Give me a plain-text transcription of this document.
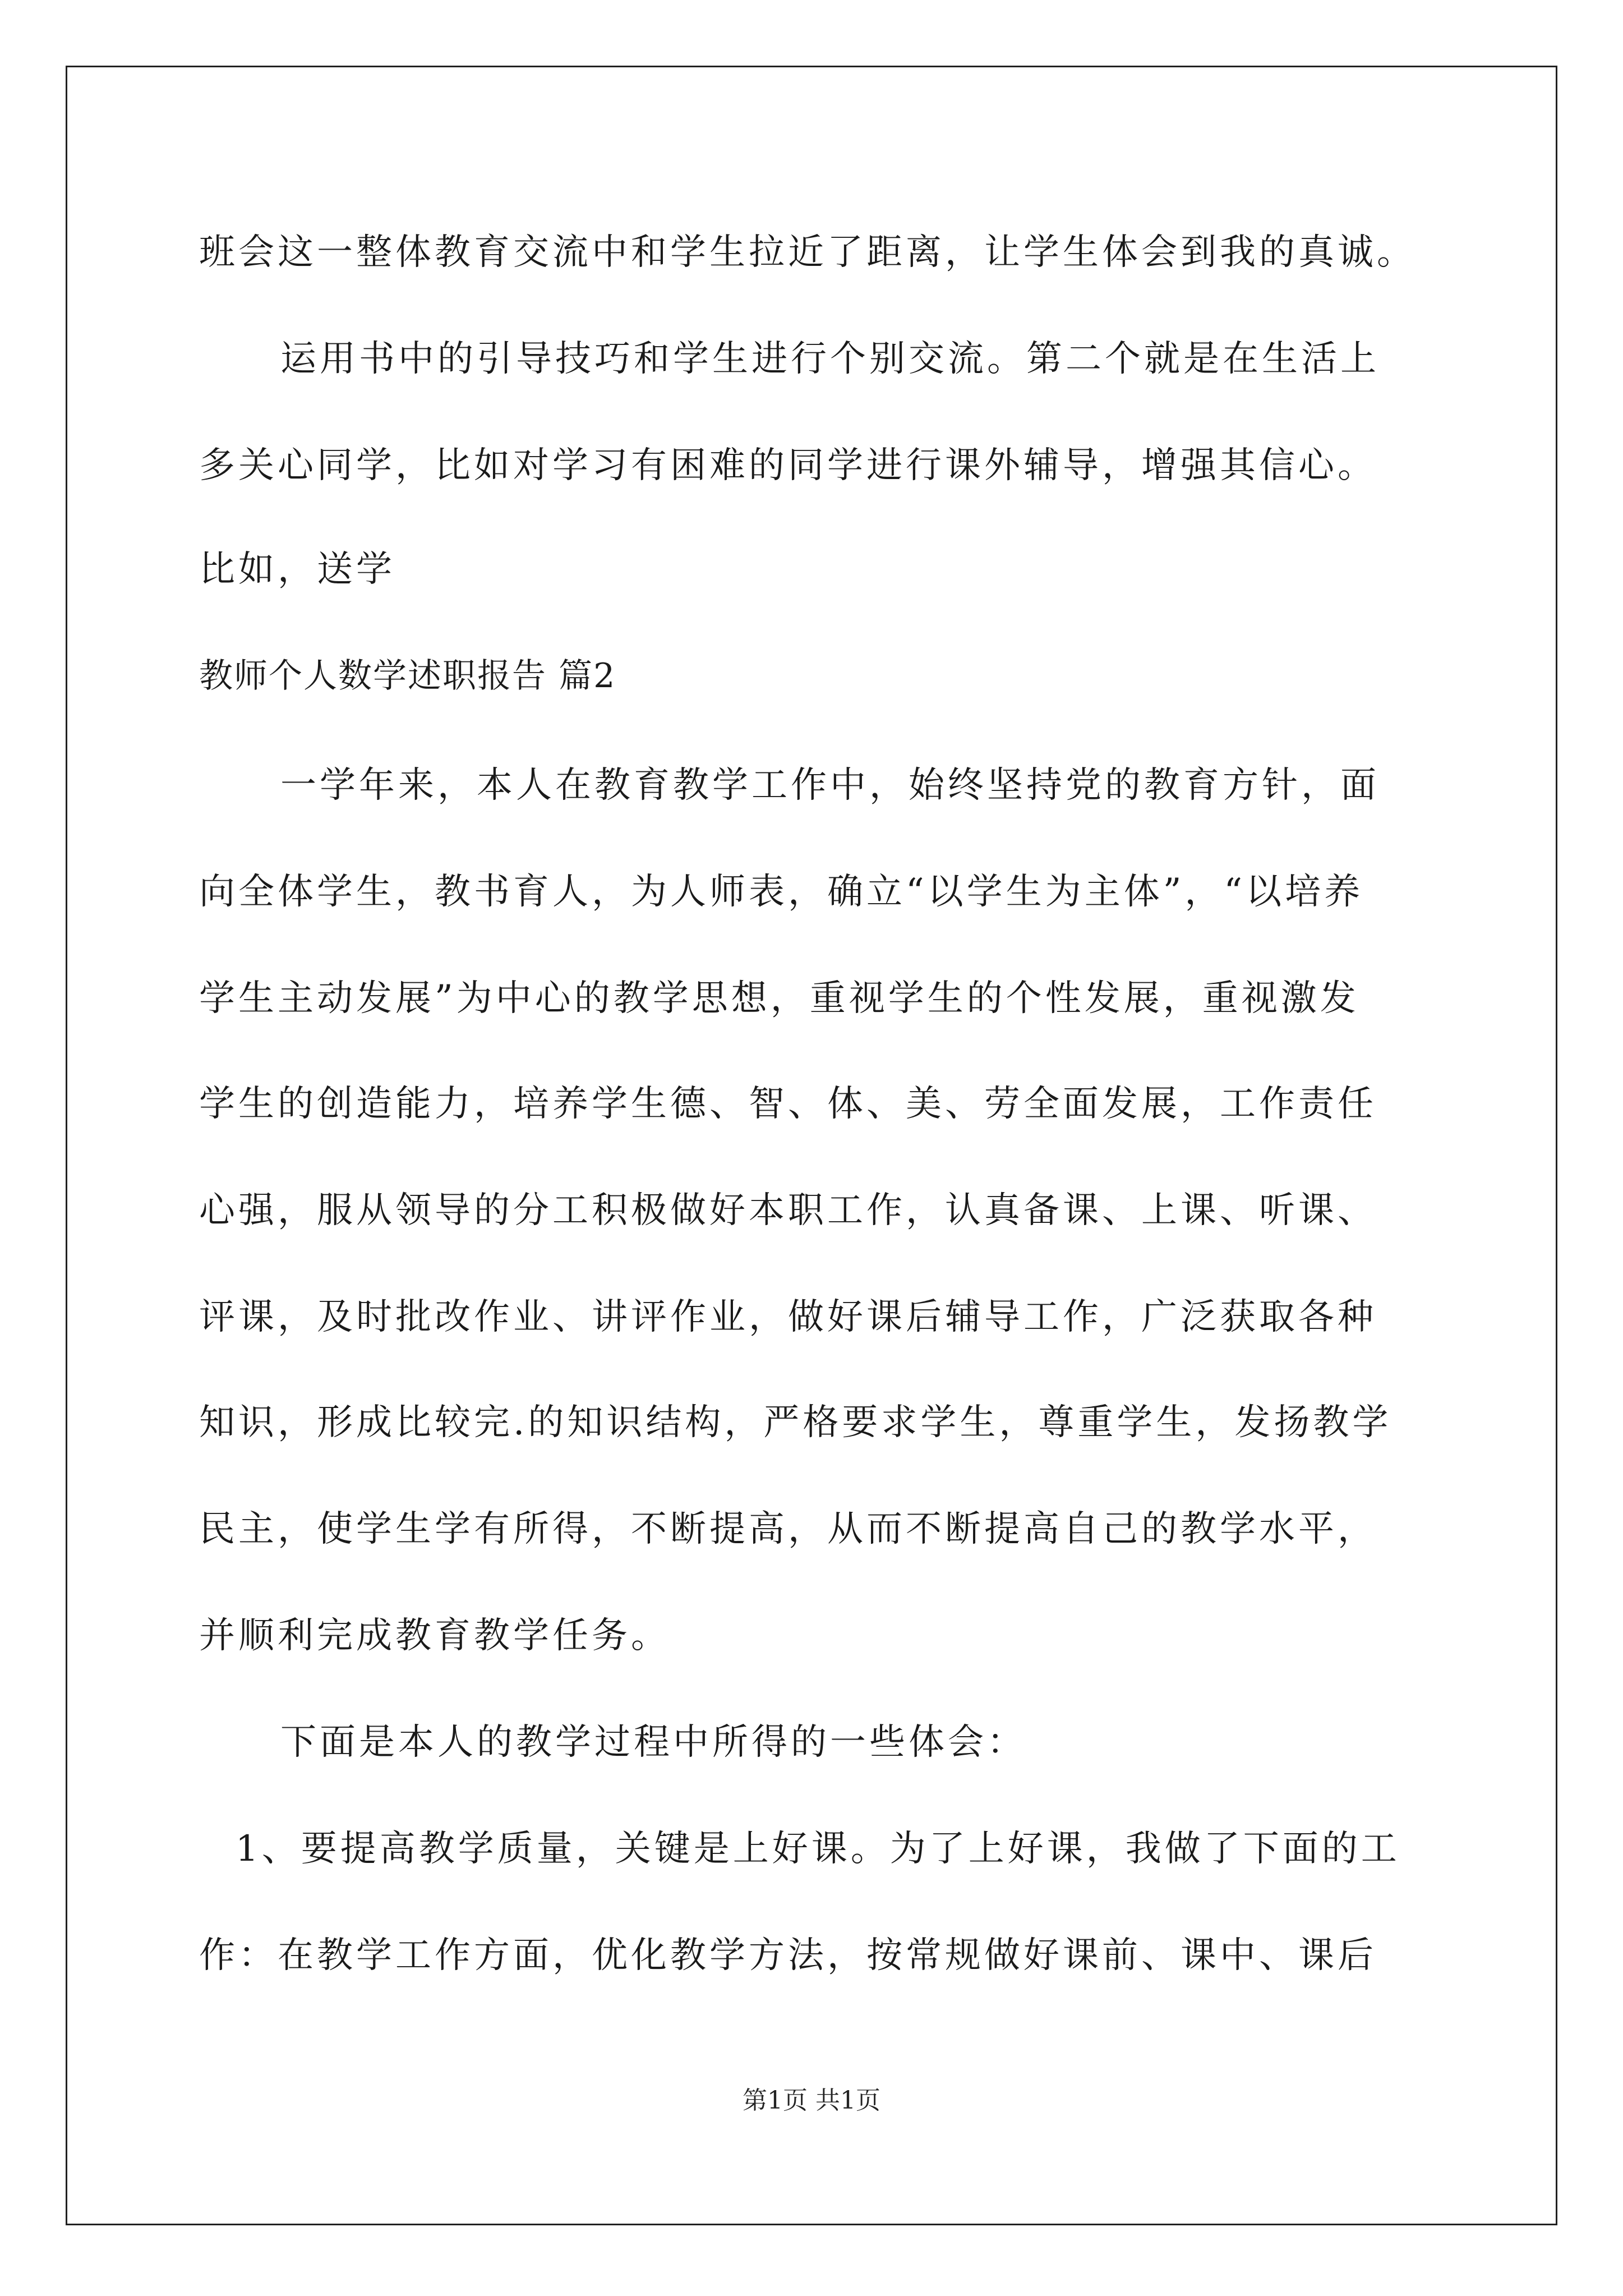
班会这一整体教育交流中和学生拉近了距离，让学生体会到我的真诚。
运用书中的引导技巧和学生进行个别交流。第二个就是在生活上
多关心同学，比如对学习有困难的同学进行课外辅导，增强其信心。
比如，送学
教师个人数学述职报告 篇2
一学年来，本人在教育教学工作中，始终坚持党的教育方针，面
向全体学生，教书育人，为人师表，确立“以学生为主体”，“以培养
学生主动发展”为中心的教学思想，重视学生的个性发展，重视激发
学生的创造能力，培养学生德、智、体、美、劳全面发展，工作责任
心强，服从领导的分工积极做好本职工作，认真备课、上课、听课、
评课，及时批改作业、讲评作业，做好课后辅导工作，广泛获取各种
知识，形成比较完.的知识结构，严格要求学生，尊重学生，发扬教学
民主，使学生学有所得，不断提高，从而不断提高自己的教学水平，
并顺利完成教育教学任务。
下面是本人的教学过程中所得的一些体会：
1、要提高教学质量，关键是上好课。为了上好课，我做了下面的工
作：在教学工作方面，优化教学方法，按常规做好课前、课中、课后
第1页 共1页
